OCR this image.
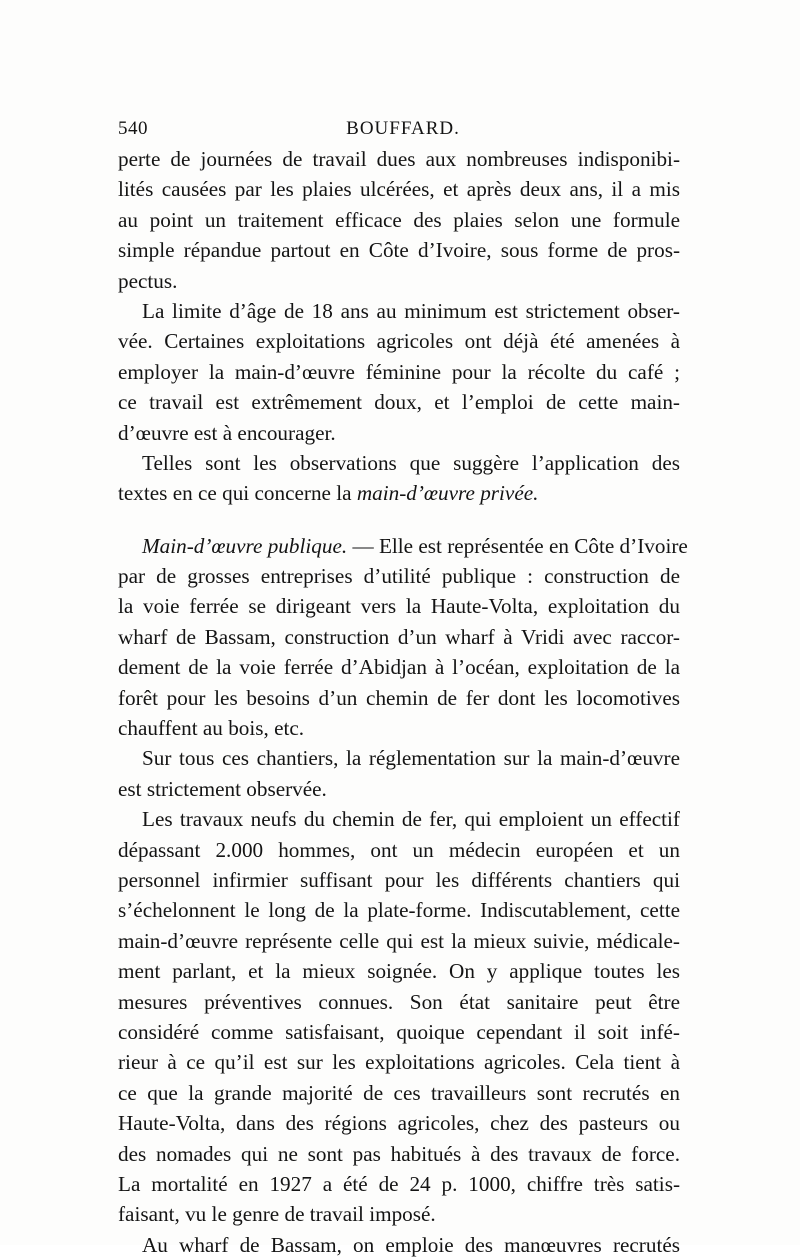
540	BOUFFARD.
perte de journées de travail dues aux nombreuses indisponibi-
lités causées par les plaies ulcérées, et après deux ans, il a mis
au point un traitement efficace des plaies selon une formule
simple répandue partout en Côte d’Ivoire, sous forme de pros-
pectus.
La limite d’âge de 18 ans au minimum est strictement obser-
vée. Certaines exploitations agricoles ont déjà été amenées à
employer la main-d’œuvre féminine pour la récolte du café ;
ce travail est extrêmement doux, et l’emploi de cette main-
d’œuvre est à encourager.
Telles sont les observations que suggère l’application des
textes en ce qui concerne la main-d’œuvre privée.
Main-d’œuvre publique. — Elle est représentée en Côte d’Ivoire
par de grosses entreprises d’utilité publique : construction de
la voie ferrée se dirigeant vers la Haute-Volta, exploitation du
wharf de Bassam, construction d’un wharf à Vridi avec raccor-
dement de la voie ferrée d’Abidjan à l’océan, exploitation de la
forêt pour les besoins d’un chemin de fer dont les locomotives
chauffent au bois, etc.
Sur tous ces chantiers, la réglementation sur la main-d’œuvre
est strictement observée.
Les travaux neufs du chemin de fer, qui emploient un effectif
dépassant 2.000 hommes, ont un médecin européen et un
personnel infirmier suffisant pour les différents chantiers qui
s’échelonnent le long de la plate-forme. Indiscutablement, cette
main-d’œuvre représente celle qui est la mieux suivie, médicale-
ment parlant, et la mieux soignée. On y applique toutes les
mesures préventives connues. Son état sanitaire peut être
considéré comme satisfaisant, quoique cependant il soit infé-
rieur à ce qu’il est sur les exploitations agricoles. Cela tient à
ce que la grande majorité de ces travailleurs sont recrutés en
Haute-Volta, dans des régions agricoles, chez des pasteurs ou
des nomades qui ne sont pas habitués à des travaux de force.
La mortalité en 1927 a été de 24 p. 1000, chiffre très satis-
faisant, vu le genre de travail imposé.
Au wharf de Bassam, on emploie des manœuvres recrutés
